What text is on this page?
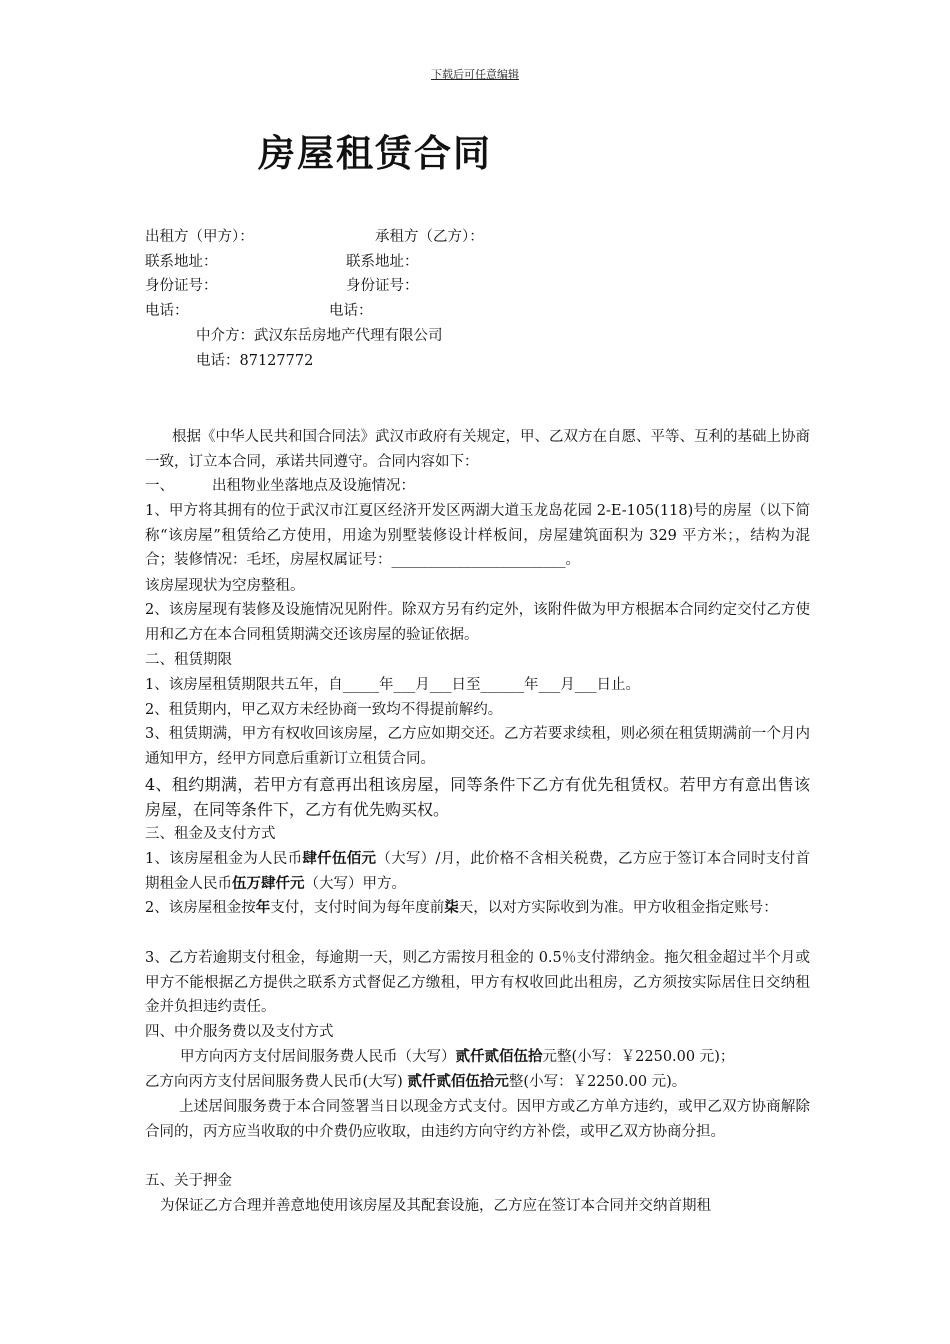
下载后可任意编辑
房屋租赁合同
出租方（甲方）：	承租方（乙方）：
联系地址：	联系地址：
身份证号：	身份证号：
电话：	电话：
中介方：武汉东岳房地产代理有限公司
电话：87127772
根据《中华人民共和国合同法》武汉市政府有关规定，甲、乙双方在自愿、平等、互利的基础上协商一致，订立本合同，承诺共同遵守。合同内容如下：
一、	出租物业坐落地点及设施情况：
1、甲方将其拥有的位于武汉市江夏区经济开发区两湖大道玉龙岛花园 2-E-105(118)号的房屋（以下简称“该房屋”租赁给乙方使用，用途为别墅装修设计样板间，房屋建筑面积为 329 平方米；，结构为混合；装修情况：毛坯，房屋权属证号：________________________。
该房屋现状为空房整租。
2、该房屋现有装修及设施情况见附件。除双方另有约定外，该附件做为甲方根据本合同约定交付乙方使用和乙方在本合同租赁期满交还该房屋的验证依据。
二、租赁期限
1、该房屋租赁期限共五年，自_____年___月___日至______年___月___日止。
2、租赁期内，甲乙双方未经协商一致均不得提前解约。
3、租赁期满，甲方有权收回该房屋，乙方应如期交还。乙方若要求续租，则必须在租赁期满前一个月内通知甲方，经甲方同意后重新订立租赁合同。
4、租约期满，若甲方有意再出租该房屋，同等条件下乙方有优先租赁权。若甲方有意出售该房屋，在同等条件下，乙方有优先购买权。
三、租金及支付方式
1、该房屋租金为人民币肆仟伍佰元（大写）/月，此价格不含相关税费，乙方应于签订本合同时支付首期租金人民币伍万肆仟元（大写）甲方。
2、该房屋租金按年支付，支付时间为每年度前柒天，以对方实际收到为准。甲方收租金指定账号：
3、乙方若逾期支付租金，每逾期一天，则乙方需按月租金的 0.5％支付滞纳金。拖欠租金超过半个月或甲方不能根据乙方提供之联系方式督促乙方缴租，甲方有权收回此出租房，乙方须按实际居住日交纳租金并负担违约责任。
四、中介服务费以及支付方式
甲方向丙方支付居间服务费人民币（大写）贰仟贰佰伍拾元整(小写：￥2250.00 元)；
乙方向丙方支付居间服务费人民币(大写) 贰仟贰佰伍拾元整(小写：￥2250.00 元)。
上述居间服务费于本合同签署当日以现金方式支付。因甲方或乙方单方违约，或甲乙双方协商解除合同的，丙方应当收取的中介费仍应收取，由违约方向守约方补偿，或甲乙双方协商分担。
五、关于押金
为保证乙方合理并善意地使用该房屋及其配套设施，乙方应在签订本合同并交纳首期租
